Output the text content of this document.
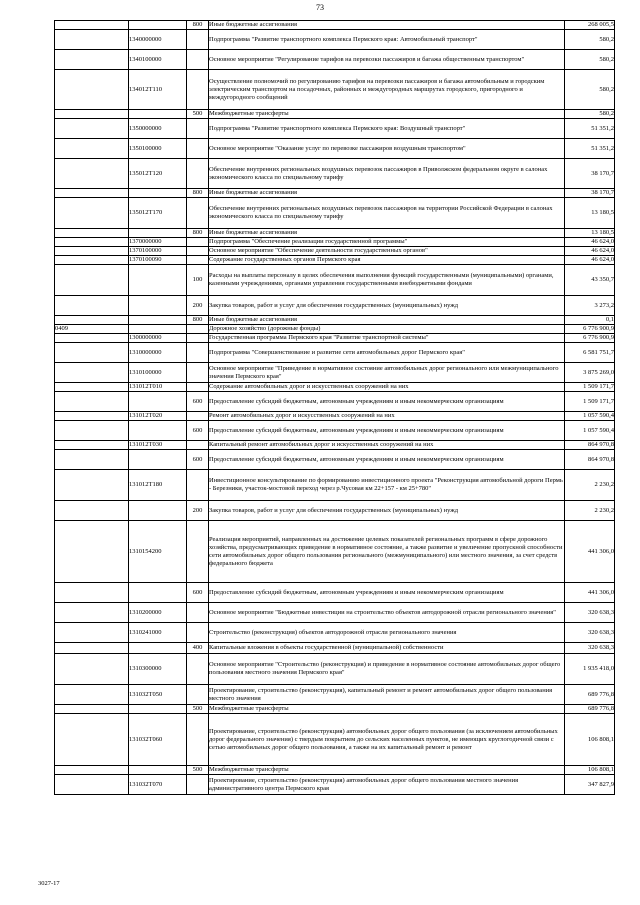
73
		800	Иные бюджетные ассигнования	268 005,5
	1340000000		Подпрограмма "Развитие транспортного комплекса Пермского края: Автомобильный транспорт"	580,2
	1340100000		Основное мероприятие "Регулирование тарифов на перевозки пассажиров и багажа общественным транспортом"	580,2
	134012Т110		Осуществление полномочий по регулированию тарифов на перевозки пассажиров и багажа автомобильным и городским электрическим транспортом на посадочных, районных и междугородных маршрутах городского, пригородного и междугородного сообщений	580,2
		500	Межбюджетные трансферты	580,2
	1350000000		Подпрограмма "Развитие транспортного комплекса Пермского края: Воздушный транспорт"	51 351,2
	1350100000		Основное мероприятие "Оказание услуг по перевозке пассажиров воздушным транспортом"	51 351,2
	135012Т120		Обеспечение внутренних региональных воздушных перевозок пассажиров в Приволжском федеральном округе в салонах экономического класса по специальному тарифу	38 170,7
		800	Иные бюджетные ассигнования	38 170,7
	135012Т170		Обеспечение внутренних региональных воздушных перевозок пассажиров на территории Российской Федерации в салонах экономического класса по специальному тарифу	13 180,5
		800	Иные бюджетные ассигнования	13 180,5
	1370000000		Подпрограмма "Обеспечение реализации государственной программы"	46 624,0
	1370100000		Основное мероприятие "Обеспечение деятельности государственных органов"	46 624,0
	1370100090		Содержание государственных органов Пермского края	46 624,0
		100	Расходы на выплаты персоналу в целях обеспечения выполнения функций государственными (муниципальными) органами, казенными учреждениями, органами управления государственными внебюджетными фондами	43 350,7
		200	Закупка товаров, работ и услуг для обеспечения государственных (муниципальных) нужд	3 273,2
		800	Иные бюджетные ассигнования	0,1
0409			Дорожное хозяйство (дорожные фонды)	6 776 900,9
	1300000000		Государственная программа Пермского края "Развитие транспортной системы"	6 776 900,9
	1310000000		Подпрограмма "Совершенствование и развитие сети автомобильных дорог Пермского края"	6 581 751,7
	1310100000		Основное мероприятие "Приведение в нормативное состояние автомобильных дорог регионального или межмуниципального значения Пермского края"	3 875 269,0
	131012Т010		Содержание автомобильных дорог и искусственных сооружений на них	1 509 171,7
		600	Предоставление субсидий бюджетным, автономным учреждениям и иным некоммерческим организациям	1 509 171,7
	131012Т020		Ремонт автомобильных дорог и искусственных сооружений на них	1 057 590,4
		600	Предоставление субсидий бюджетным, автономным учреждениям и иным некоммерческим организациям	1 057 590,4
	131012Т030		Капитальный ремонт автомобильных дорог и искусственных сооружений на них	864 970,8
		600	Предоставление субсидий бюджетным, автономным учреждениям и иным некоммерческим организациям	864 970,8
	131012Т180		Инвестиционное консультирование по формированию инвестиционного проекта "Реконструкция автомобильной дороги Пермь - Березники, участок-мостовой переход через р.Чусовая км 22+157 - км 25+780"	2 230,2
		200	Закупка товаров, работ и услуг для обеспечения государственных (муниципальных) нужд	2 230,2
	1310154200		Реализация мероприятий, направленных на достижение целевых показателей региональных программ в сфере дорожного хозяйства, предусматривающих приведение в нормативное состояние, а также развитие и увеличение пропускной способности сети автомобильных дорог общего пользования регионального (межмуниципального) или местного значения, за счет средств федерального бюджета	441 306,0
		600	Предоставление субсидий бюджетным, автономным учреждениям и иным некоммерческим организациям	441 306,0
	1310200000		Основное мероприятие "Бюджетные инвестиции на строительство объектов автодорожной отрасли регионального значения"	320 638,3
	1310241000		Строительство (реконструкция) объектов автодорожной отрасли регионального значения	320 638,3
		400	Капитальные вложения в объекты государственной (муниципальной) собственности	320 638,3
	1310300000		Основное мероприятие "Строительство (реконструкция) и приведение в нормативное состояние автомобильных дорог общего пользования местного значения Пермского края"	1 935 418,0
	131032Т050		Проектирование, строительство (реконструкция), капитальный ремонт и ремонт автомобильных дорог общего пользования местного значения	689 776,8
		500	Межбюджетные трансферты	689 776,8
	131032Т060		Проектирование, строительство (реконструкция) автомобильных дорог общего пользования (за исключением автомобильных дорог федерального значения) с твердым покрытием до сельских населенных пунктов, не имеющих круглогодичной связи с сетью автомобильных дорог общего пользования, а также на их капитальный ремонт и ремонт	106 808,1
		500	Межбюджетные трансферты	106 808,1
	131032Т070		Проектирование, строительство (реконструкция) автомобильных дорог общего пользования местного значения административного центра Пермского края	347 827,9
3027-17
